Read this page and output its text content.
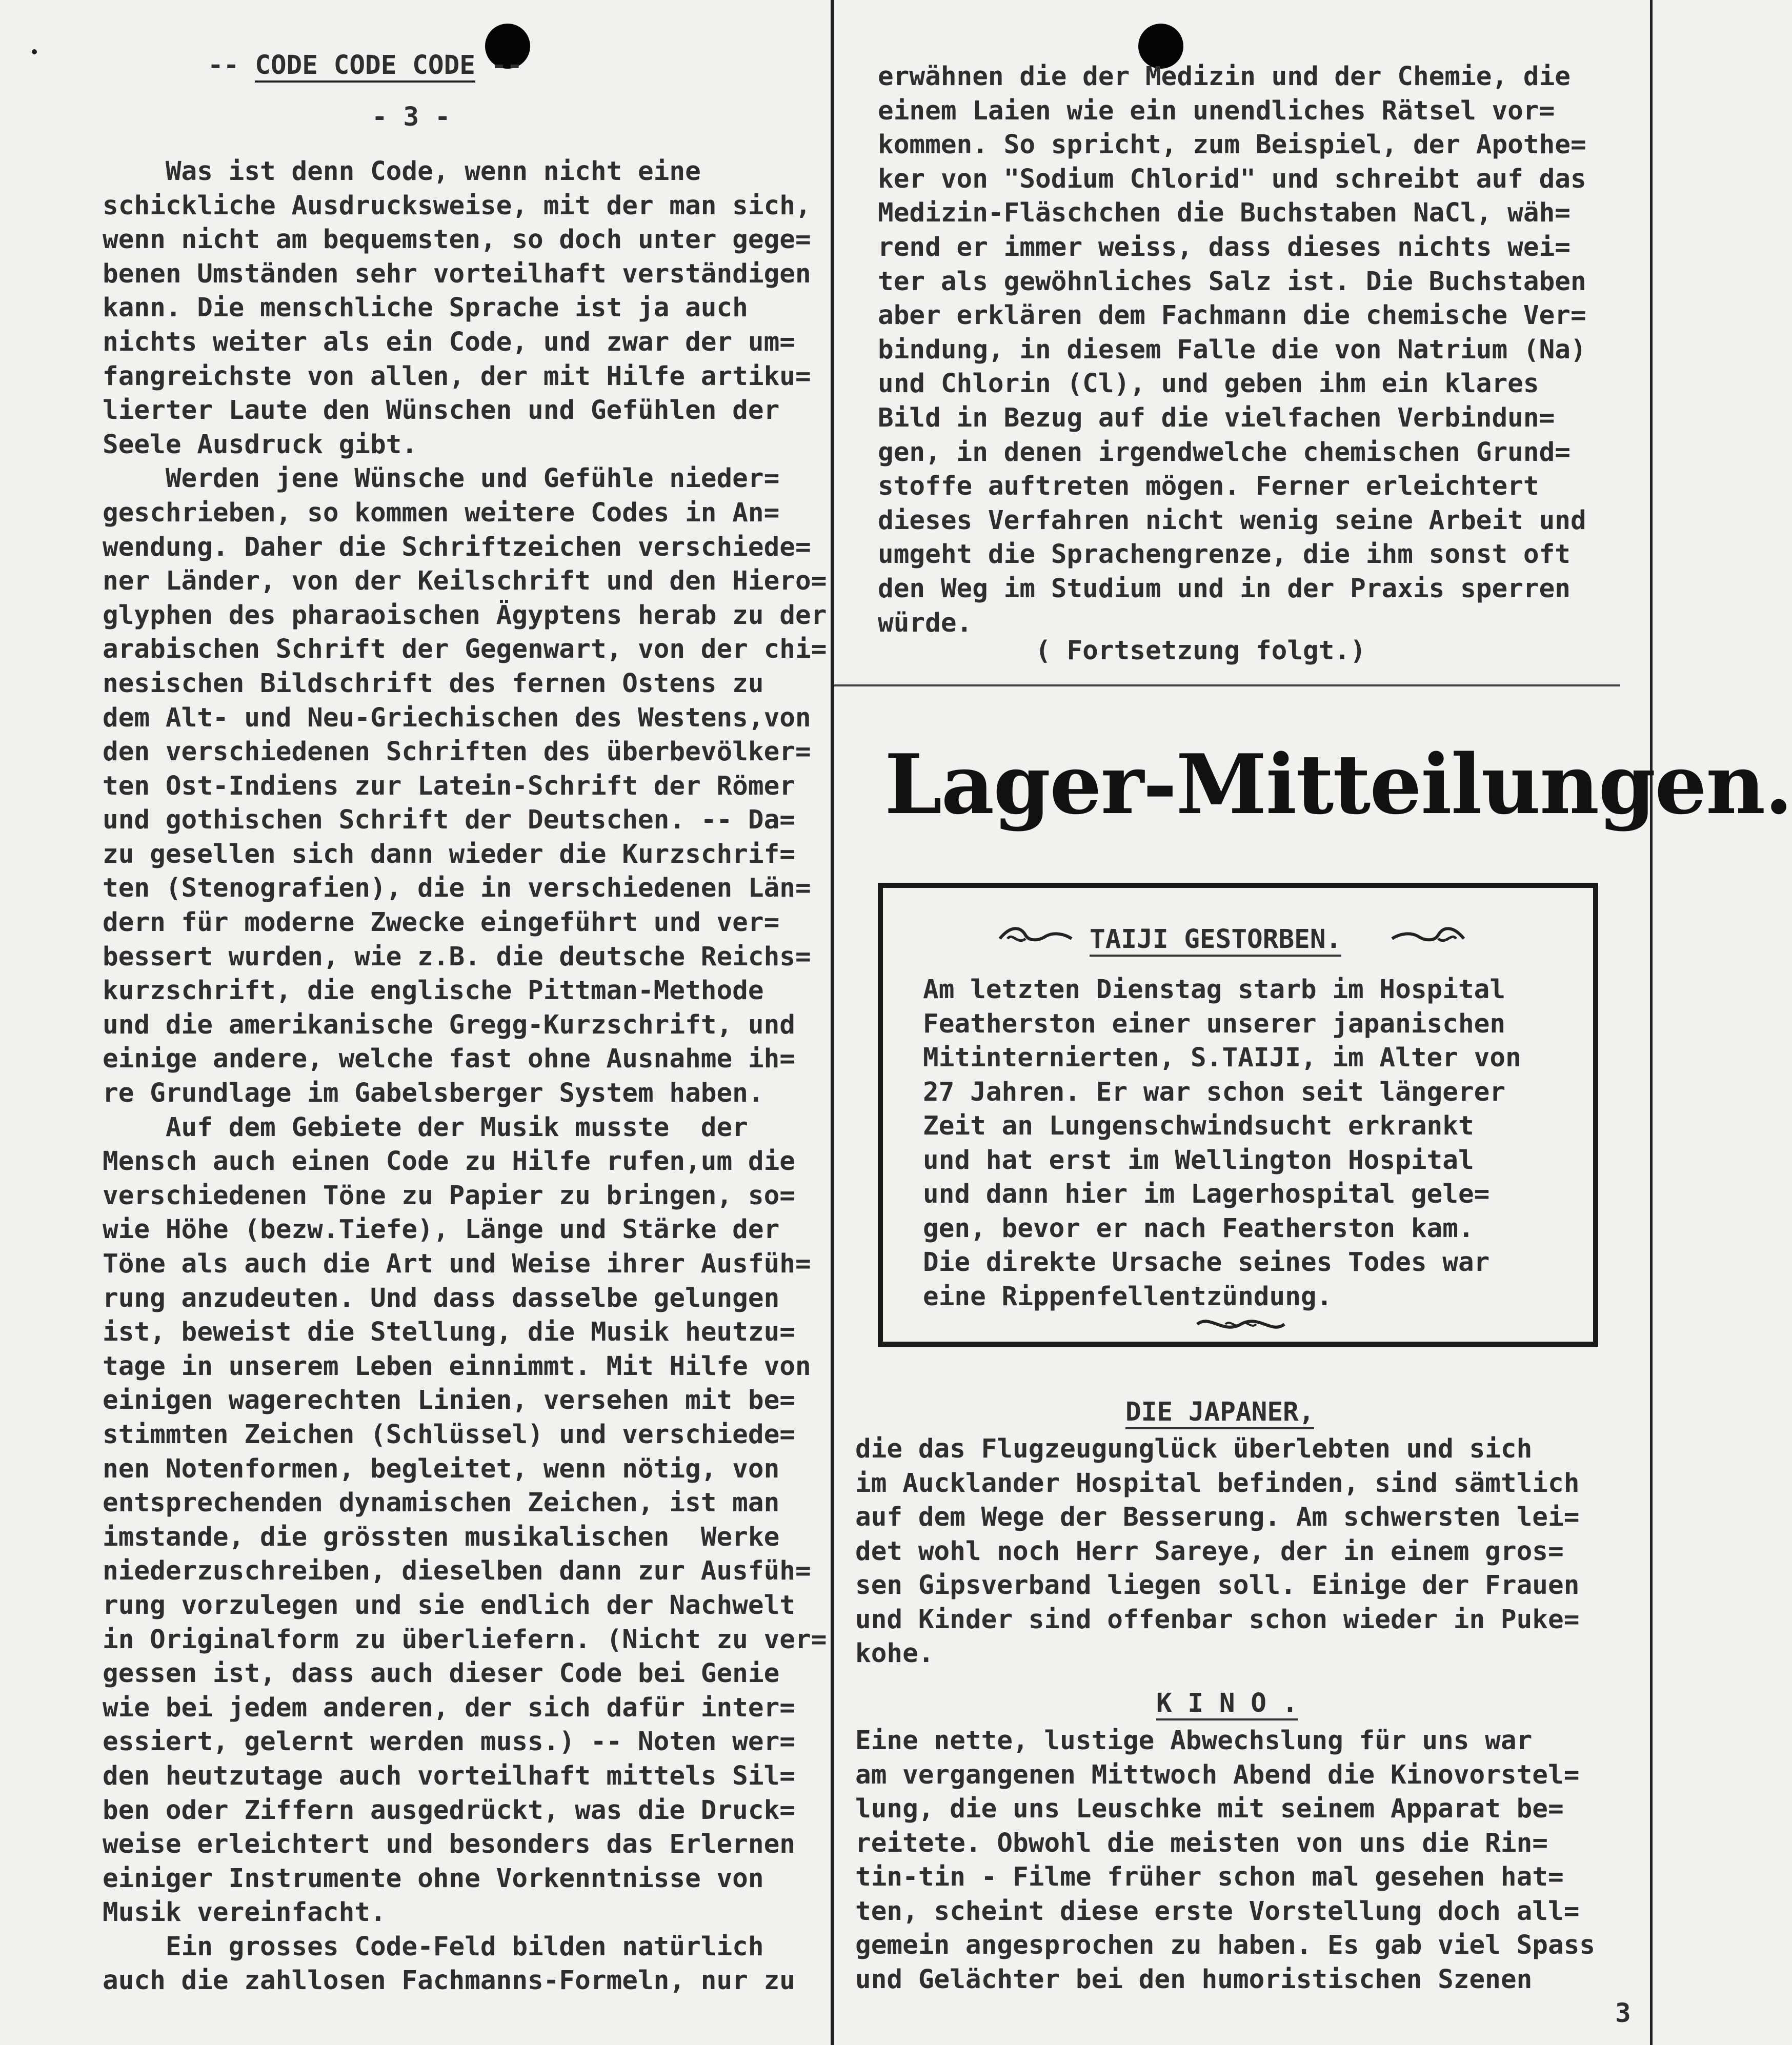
-- CODE CODE CODE --
- 3 -
Was ist denn Code, wenn nicht eine
schickliche Ausdrucksweise, mit der man sich,
wenn nicht am bequemsten, so doch unter gege=
benen Umständen sehr vorteilhaft verständigen
kann. Die menschliche Sprache ist ja auch
nichts weiter als ein Code, und zwar der um=
fangreichste von allen, der mit Hilfe artiku=
lierter Laute den Wünschen und Gefühlen der
Seele Ausdruck gibt.
Werden jene Wünsche und Gefühle nieder=
geschrieben, so kommen weitere Codes in An=
wendung. Daher die Schriftzeichen verschiede=
ner Länder, von der Keilschrift und den Hiero=
glyphen des pharaoischen Ägyptens herab zu der
arabischen Schrift der Gegenwart, von der chi=
nesischen Bildschrift des fernen Ostens zu
dem Alt- und Neu-Griechischen des Westens,von
den verschiedenen Schriften des überbevölker=
ten Ost-Indiens zur Latein-Schrift der Römer
und gothischen Schrift der Deutschen. -- Da=
zu gesellen sich dann wieder die Kurzschrif=
ten (Stenografien), die in verschiedenen Län=
dern für moderne Zwecke eingeführt und ver=
bessert wurden, wie z.B. die deutsche Reichs=
kurzschrift, die englische Pittman-Methode
und die amerikanische Gregg-Kurzschrift, und
einige andere, welche fast ohne Ausnahme ih=
re Grundlage im Gabelsberger System haben.
Auf dem Gebiete der Musik musste  der
Mensch auch einen Code zu Hilfe rufen,um die
verschiedenen Töne zu Papier zu bringen, so=
wie Höhe (bezw.Tiefe), Länge und Stärke der
Töne als auch die Art und Weise ihrer Ausfüh=
rung anzudeuten. Und dass dasselbe gelungen
ist, beweist die Stellung, die Musik heutzu=
tage in unserem Leben einnimmt. Mit Hilfe von
einigen wagerechten Linien, versehen mit be=
stimmten Zeichen (Schlüssel) und verschiede=
nen Notenformen, begleitet, wenn nötig, von
entsprechenden dynamischen Zeichen, ist man
imstande, die grössten musikalischen  Werke
niederzuschreiben, dieselben dann zur Ausfüh=
rung vorzulegen und sie endlich der Nachwelt
in Originalform zu überliefern. (Nicht zu ver=
gessen ist, dass auch dieser Code bei Genie
wie bei jedem anderen, der sich dafür inter=
essiert, gelernt werden muss.) -- Noten wer=
den heutzutage auch vorteilhaft mittels Sil=
ben oder Ziffern ausgedrückt, was die Druck=
weise erleichtert und besonders das Erlernen
einiger Instrumente ohne Vorkenntnisse von
Musik vereinfacht.
Ein grosses Code-Feld bilden natürlich
auch die zahllosen Fachmanns-Formeln, nur zu
erwähnen die der Medizin und der Chemie, die
einem Laien wie ein unendliches Rätsel vor=
kommen. So spricht, zum Beispiel, der Apothe=
ker von "Sodium Chlorid" und schreibt auf das
Medizin-Fläschchen die Buchstaben NaCl, wäh=
rend er immer weiss, dass dieses nichts wei=
ter als gewöhnliches Salz ist. Die Buchstaben
aber erklären dem Fachmann die chemische Ver=
bindung, in diesem Falle die von Natrium (Na)
und Chlorin (Cl), und geben ihm ein klares
Bild in Bezug auf die vielfachen Verbindun=
gen, in denen irgendwelche chemischen Grund=
stoffe auftreten mögen. Ferner erleichtert
dieses Verfahren nicht wenig seine Arbeit und
umgeht die Sprachengrenze, die ihm sonst oft
den Weg im Studium und in der Praxis sperren
würde.
( Fortsetzung folgt.)
Lager-Mitteilungen.
TAIJI GESTORBEN.
Am letzten Dienstag starb im Hospital
Featherston einer unserer japanischen
Mitinternierten, S.TAIJI, im Alter von
27 Jahren. Er war schon seit längerer
Zeit an Lungenschwindsucht erkrankt
und hat erst im Wellington Hospital
und dann hier im Lagerhospital gele=
gen, bevor er nach Featherston kam.
Die direkte Ursache seines Todes war
eine Rippenfellentzündung.
DIE JAPANER,
die das Flugzeugunglück überlebten und sich
im Aucklander Hospital befinden, sind sämtlich
auf dem Wege der Besserung. Am schwersten lei=
det wohl noch Herr Sareye, der in einem gros=
sen Gipsverband liegen soll. Einige der Frauen
und Kinder sind offenbar schon wieder in Puke=
kohe.
K I N O .
Eine nette, lustige Abwechslung für uns war
am vergangenen Mittwoch Abend die Kinovorstel=
lung, die uns Leuschke mit seinem Apparat be=
reitete. Obwohl die meisten von uns die Rin=
tin-tin - Filme früher schon mal gesehen hat=
ten, scheint diese erste Vorstellung doch all=
gemein angesprochen zu haben. Es gab viel Spass
und Gelächter bei den humoristischen Szenen
3
